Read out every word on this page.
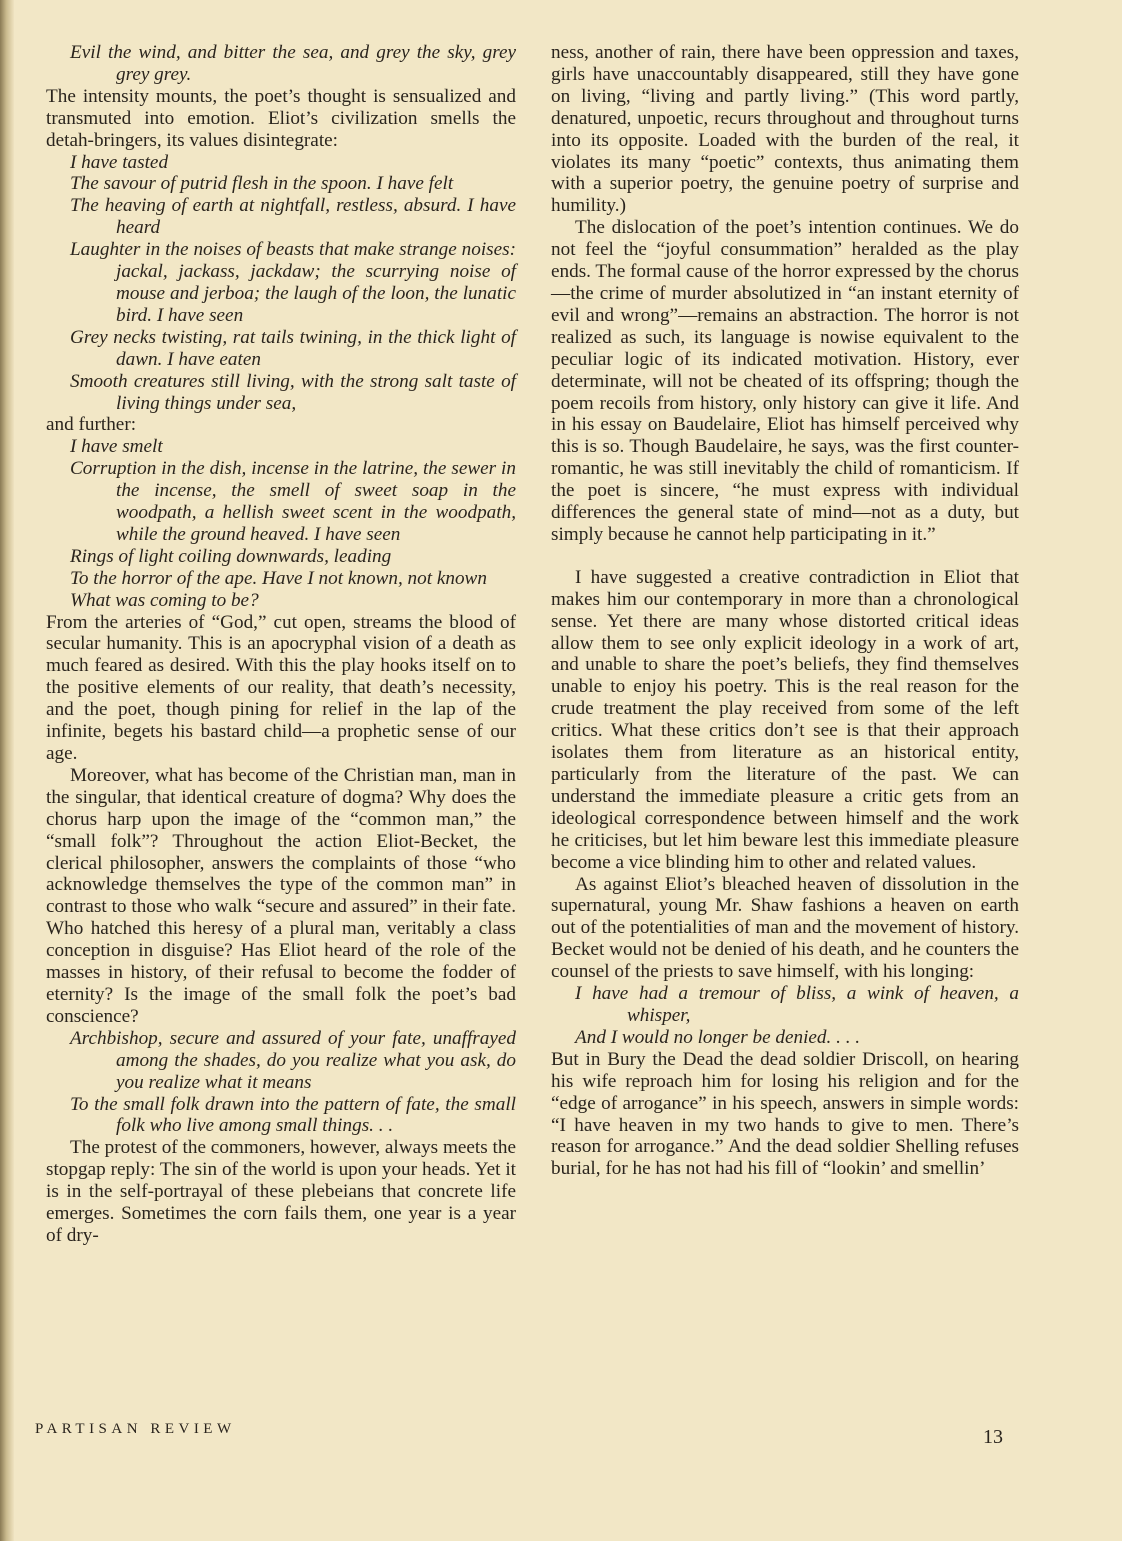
Evil the wind, and bitter the sea, and grey the sky, grey grey grey.

The intensity mounts, the poet’s thought is sensualized and transmuted into emotion. Eliot’s civilization smells the detah-bringers, its values disintegrate:

I have tasted

The savour of putrid flesh in the spoon. I have felt

The heaving of earth at nightfall, restless, absurd. I have heard

Laughter in the noises of beasts that make strange noises: jackal, jackass, jackdaw; the scurrying noise of mouse and jerboa; the laugh of the loon, the lunatic bird. I have seen

Grey necks twisting, rat tails twining, in the thick light of dawn. I have eaten

Smooth creatures still living, with the strong salt taste of living things under sea,

and further:

I have smelt

Corruption in the dish, incense in the latrine, the sewer in the incense, the smell of sweet soap in the woodpath, a hellish sweet scent in the woodpath, while the ground heaved. I have seen

Rings of light coiling downwards, leading

To the horror of the ape. Have I not known, not known

What was coming to be?

From the arteries of “God,” cut open, streams the blood of secular humanity. This is an apocryphal vision of a death as much feared as desired. With this the play hooks itself on to the positive elements of our reality, that death’s necessity, and the poet, though pining for relief in the lap of the infinite, begets his bastard child—a prophetic sense of our age.

Moreover, what has become of the Christian man, man in the singular, that identical creature of dogma? Why does the chorus harp upon the image of the “common man,” the “small folk”? Throughout the action Eliot-Becket, the clerical philosopher, answers the complaints of those “who acknowledge themselves the type of the common man” in contrast to those who walk “secure and assured” in their fate. Who hatched this heresy of a plural man, veritably a class conception in disguise? Has Eliot heard of the role of the masses in history, of their refusal to become the fodder of eternity? Is the image of the small folk the poet’s bad conscience?

Archbishop, secure and assured of your fate, unaffrayed among the shades, do you realize what you ask, do you realize what it means

To the small folk drawn into the pattern of fate, the small folk who live among small things. . .

The protest of the commoners, however, always meets the stopgap reply: The sin of the world is upon your heads. Yet it is in the self-portrayal of these plebeians that concrete life emerges. Sometimes the corn fails them, one year is a year of dry-

ness, another of rain, there have been oppression and taxes, girls have unaccountably disappeared, still they have gone on living, “living and partly living.” (This word partly, denatured, unpoetic, recurs throughout and throughout turns into its opposite. Loaded with the burden of the real, it violates its many “poetic” contexts, thus animating them with a superior poetry, the genuine poetry of surprise and humility.)

The dislocation of the poet’s intention continues. We do not feel the “joyful consummation” heralded as the play ends. The formal cause of the horror expressed by the chorus—the crime of murder absolutized in “an instant eternity of evil and wrong”—remains an abstraction. The horror is not realized as such, its language is nowise equivalent to the peculiar logic of its indicated motivation. History, ever determinate, will not be cheated of its offspring; though the poem recoils from history, only history can give it life. And in his essay on Baudelaire, Eliot has himself perceived why this is so. Though Baudelaire, he says, was the first counter-romantic, he was still inevitably the child of romanticism. If the poet is sincere, “he must express with individual differences the general state of mind—not as a duty, but simply because he cannot help participating in it.”

I have suggested a creative contradiction in Eliot that makes him our contemporary in more than a chronological sense. Yet there are many whose distorted critical ideas allow them to see only explicit ideology in a work of art, and unable to share the poet’s beliefs, they find themselves unable to enjoy his poetry. This is the real reason for the crude treatment the play received from some of the left critics. What these critics don’t see is that their approach isolates them from literature as an historical entity, particularly from the literature of the past. We can understand the immediate pleasure a critic gets from an ideological correspondence between himself and the work he criticises, but let him beware lest this immediate pleasure become a vice blinding him to other and related values.

As against Eliot’s bleached heaven of dissolution in the supernatural, young Mr. Shaw fashions a heaven on earth out of the potentialities of man and the movement of history. Becket would not be denied of his death, and he counters the counsel of the priests to save himself, with his longing:

I have had a tremour of bliss, a wink of heaven, a whisper,

And I would no longer be denied. . . .

But in Bury the Dead the dead soldier Driscoll, on hearing his wife reproach him for losing his religion and for the “edge of arrogance” in his speech, answers in simple words: “I have heaven in my two hands to give to men. There’s reason for arrogance.” And the dead soldier Shelling refuses burial, for he has not had his fill of “lookin’ and smellin’

PARTISAN REVIEW	13
